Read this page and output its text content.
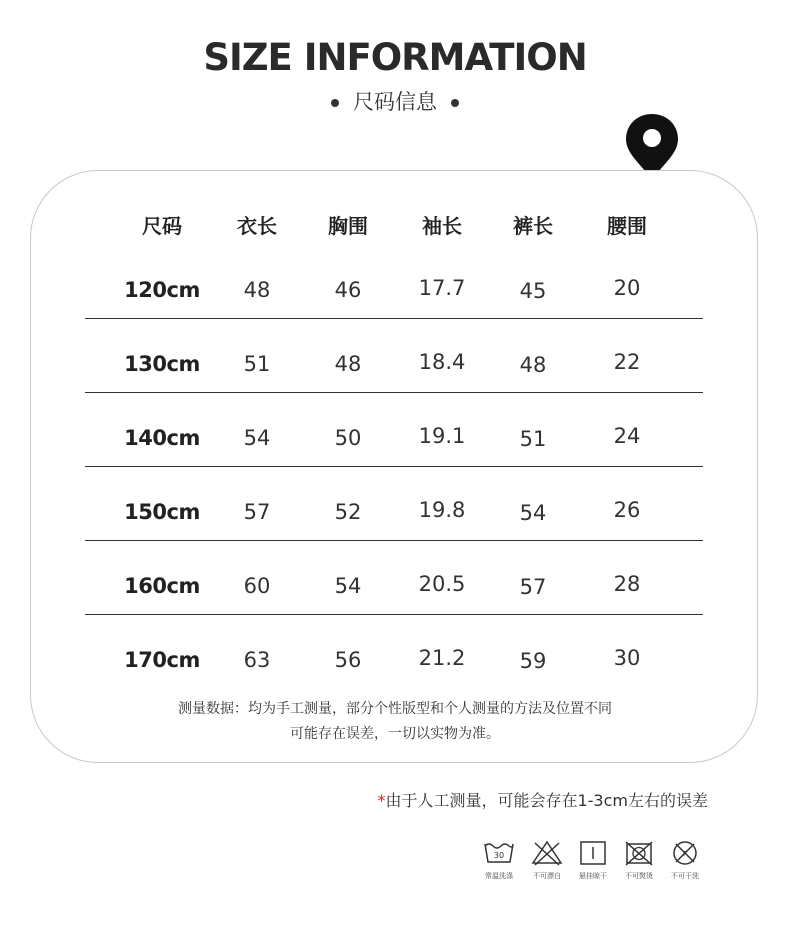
SIZE INFORMATION
尺码信息
尺码	衣长	胸围	袖长	裤长	腰围
120cm 48	46	17.7	45	20
130cm 51	48	18.4	48	22
140cm 54	50	19.1	51	24
150cm 57	52	19.8	54	26
160cm 60	54	20.5	57	28
170cm 63	56	21.2	59	30
测量数据：均为手工测量，部分个性版型和个人测量的方法及位置不同
可能存在误差，一切以实物为准。
*由于人工测量，可能会存在1-3cm左右的误差
30
常温洗涤	不可漂白	悬挂晾干	不可熨烫
F
不可干洗
